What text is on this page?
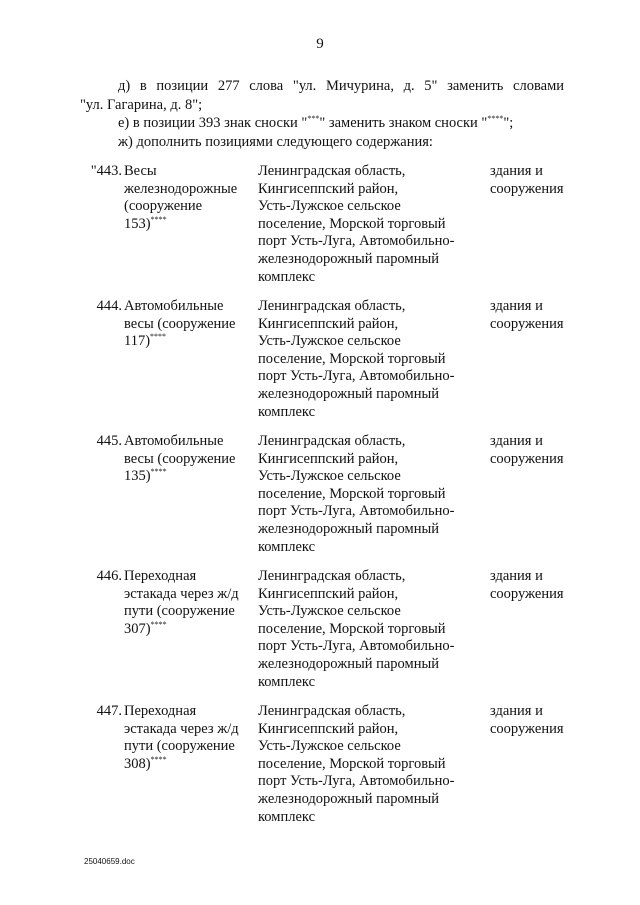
9
д) в позиции 277 слова "ул. Мичурина, д. 5" заменить словами
"ул. Гагарина, д. 8";
е) в позиции 393 знак сноски "***" заменить знаком сноски "****";
ж) дополнить позициями следующего содержания:
"443. Весы
железнодорожные
(сооружение
153)****
Ленинградская область,
Кингисеппский район,
Усть-Лужское сельское
поселение, Морской торговый
порт Усть-Луга, Автомобильно-
железнодорожный паромный
комплекс
здания и
сооружения
444. Автомобильные
весы (сооружение
117)****
Ленинградская область,
Кингисеппский район,
Усть-Лужское сельское
поселение, Морской торговый
порт Усть-Луга, Автомобильно-
железнодорожный паромный
комплекс
здания и
сооружения
445. Автомобильные
весы (сооружение
135)****
Ленинградская область,
Кингисеппский район,
Усть-Лужское сельское
поселение, Морской торговый
порт Усть-Луга, Автомобильно-
железнодорожный паромный
комплекс
здания и
сооружения
446. Переходная
эстакада через ж/д
пути (сооружение
307)****
Ленинградская область,
Кингисеппский район,
Усть-Лужское сельское
поселение, Морской торговый
порт Усть-Луга, Автомобильно-
железнодорожный паромный
комплекс
здания и
сооружения
447. Переходная
эстакада через ж/д
пути (сооружение
308)****
Ленинградская область,
Кингисеппский район,
Усть-Лужское сельское
поселение, Морской торговый
порт Усть-Луга, Автомобильно-
железнодорожный паромный
комплекс
здания и
сооружения
25040659.doc
